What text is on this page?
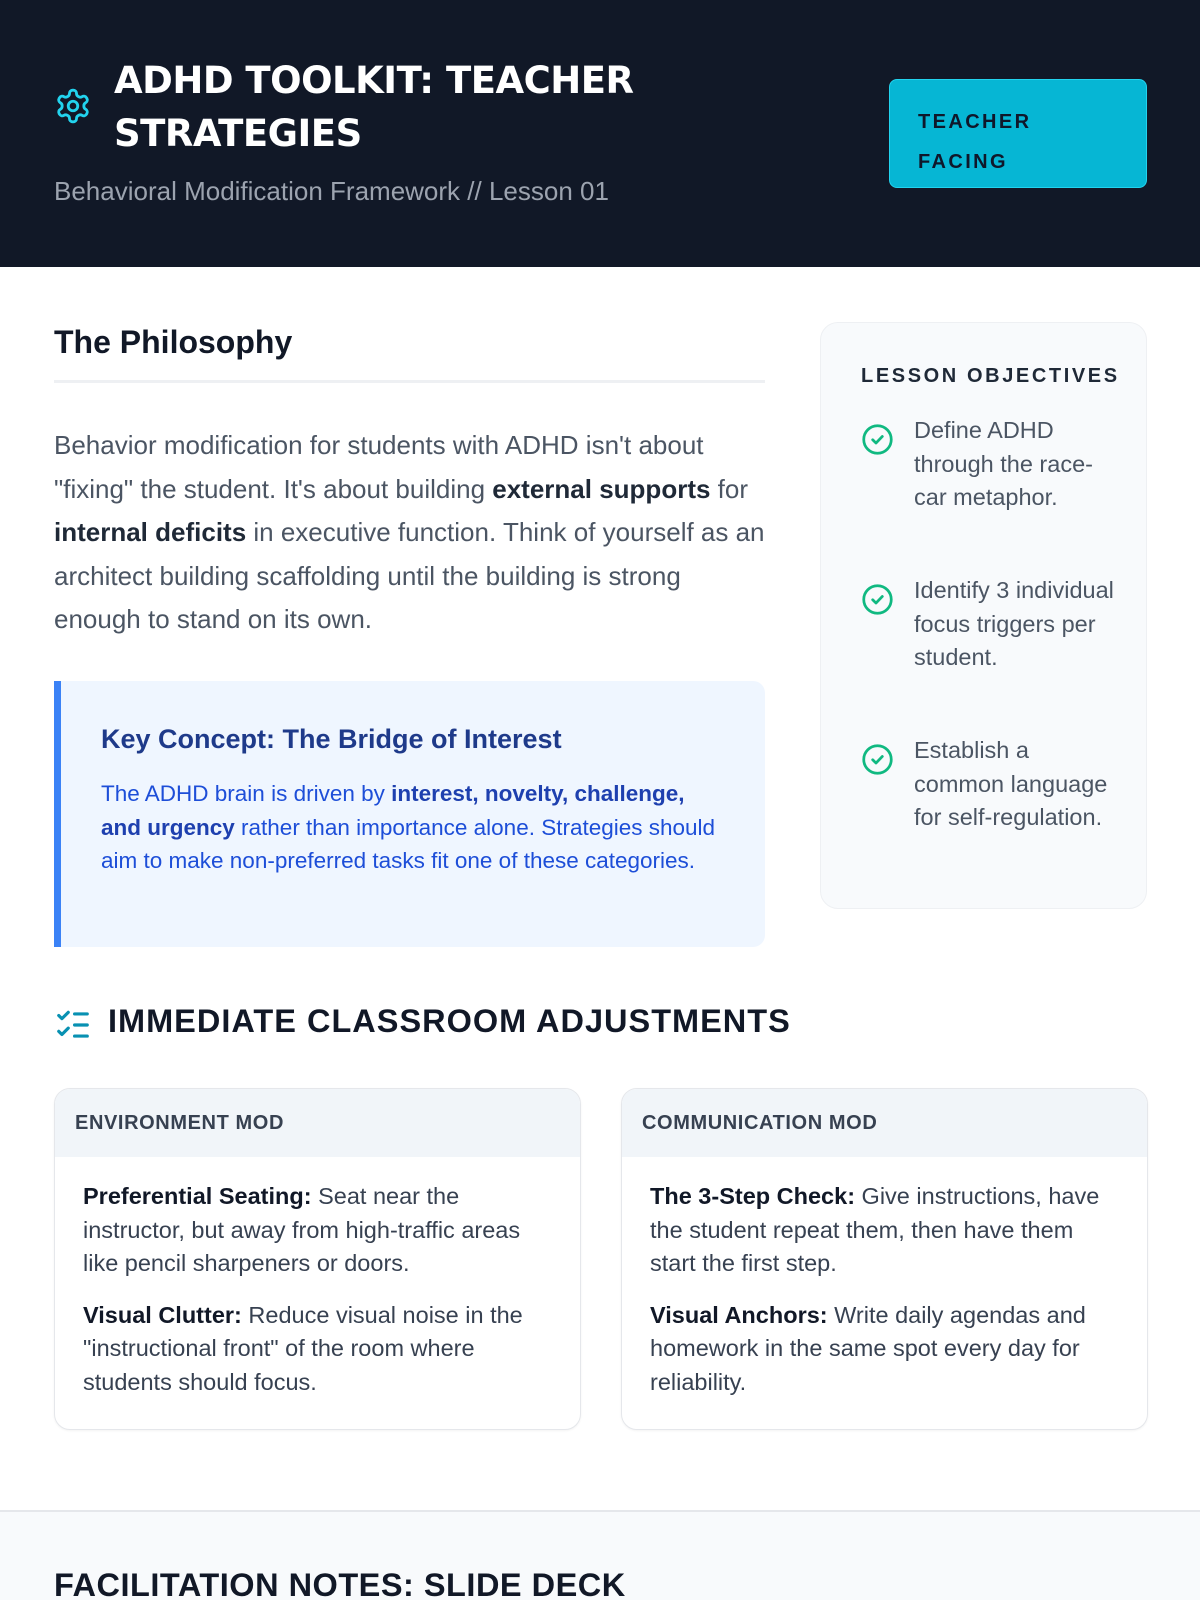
ADHD TOOLKIT: TEACHER STRATEGIES
Behavioral Modification Framework // Lesson 01
TEACHER
FACING
The Philosophy

Behavior modification for students with ADHD isn't about "fixing" the student. It's about building external supports for internal deficits in executive function. Think of yourself as an architect building scaffolding until the building is strong enough to stand on its own.

Key Concept: The Bridge of Interest

The ADHD brain is driven by interest, novelty, challenge, and urgency rather than importance alone. Strategies should aim to make non-preferred tasks fit one of these categories.

LESSON OBJECTIVES
Define ADHD through the race-car metaphor.
Identify 3 individual focus triggers per student.
Establish a common language for self-regulation.
IMMEDIATE CLASSROOM ADJUSTMENTS
ENVIRONMENT MOD

Preferential Seating: Seat near the instructor, but away from high-traffic areas like pencil sharpeners or doors.

Visual Clutter: Reduce visual noise in the "instructional front" of the room where students should focus.

COMMUNICATION MOD

The 3-Step Check: Give instructions, have the student repeat them, then have them start the first step.

Visual Anchors: Write daily agendas and homework in the same spot every day for reliability.

FACILITATION NOTES: SLIDE DECK
